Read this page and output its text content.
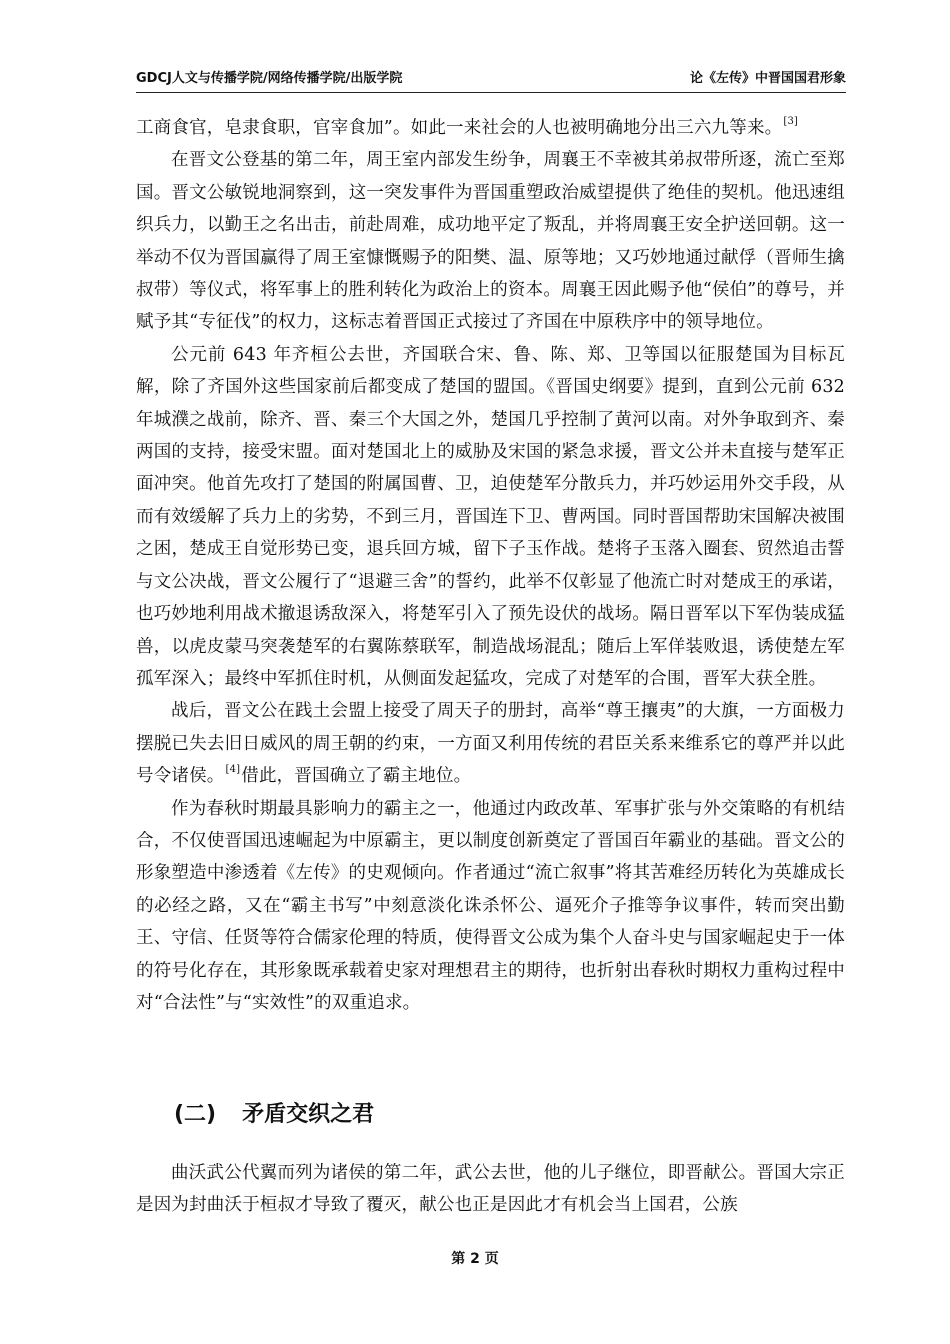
GDCJ人文与传播学院/网络传播学院/出版学院	论《左传》中晋国国君形象

工商食官，皂隶食职，官宰食加”。如此一来社会的人也被明确地分出三六九等来。[3]

在晋文公登基的第二年，周王室内部发生纷争，周襄王不幸被其弟叔带所逐，流亡至郑国。晋文公敏锐地洞察到，这一突发事件为晋国重塑政治威望提供了绝佳的契机。他迅速组织兵力，以勤王之名出击，前赴周难，成功地平定了叛乱，并将周襄王安全护送回朝。这一举动不仅为晋国赢得了周王室慷慨赐予的阳樊、温、原等地；又巧妙地通过献俘（晋师生擒叔带）等仪式，将军事上的胜利转化为政治上的资本。周襄王因此赐予他“侯伯”的尊号，并赋予其“专征伐”的权力，这标志着晋国正式接过了齐国在中原秩序中的领导地位。

公元前 643 年齐桓公去世，齐国联合宋、鲁、陈、郑、卫等国以征服楚国为目标瓦解，除了齐国外这些国家前后都变成了楚国的盟国。《晋国史纲要》提到，直到公元前 632 年城濮之战前，除齐、晋、秦三个大国之外，楚国几乎控制了黄河以南。对外争取到齐、秦两国的支持，接受宋盟。面对楚国北上的威胁及宋国的紧急求援，晋文公并未直接与楚军正面冲突。他首先攻打了楚国的附属国曹、卫，迫使楚军分散兵力，并巧妙运用外交手段，从而有效缓解了兵力上的劣势，不到三月，晋国连下卫、曹两国。同时晋国帮助宋国解决被围之困，楚成王自觉形势已变，退兵回方城，留下子玉作战。楚将子玉落入圈套、贸然追击誓与文公决战，晋文公履行了“退避三舍”的誓约，此举不仅彰显了他流亡时对楚成王的承诺，也巧妙地利用战术撤退诱敌深入，将楚军引入了预先设伏的战场。隔日晋军以下军伪装成猛兽，以虎皮蒙马突袭楚军的右翼陈蔡联军，制造战场混乱；随后上军佯装败退，诱使楚左军孤军深入；最终中军抓住时机，从侧面发起猛攻，完成了对楚军的合围，晋军大获全胜。

战后，晋文公在践土会盟上接受了周天子的册封，高举“尊王攘夷”的大旗，一方面极力摆脱已失去旧日威风的周王朝的约束，一方面又利用传统的君臣关系来维系它的尊严并以此号令诸侯。[4]借此，晋国确立了霸主地位。

作为春秋时期最具影响力的霸主之一，他通过内政改革、军事扩张与外交策略的有机结合，不仅使晋国迅速崛起为中原霸主，更以制度创新奠定了晋国百年霸业的基础。晋文公的形象塑造中渗透着《左传》的史观倾向。作者通过“流亡叙事”将其苦难经历转化为英雄成长的必经之路，又在“霸主书写”中刻意淡化诛杀怀公、逼死介子推等争议事件，转而突出勤王、守信、任贤等符合儒家伦理的特质，使得晋文公成为集个人奋斗史与国家崛起史于一体的符号化存在，其形象既承载着史家对理想君主的期待，也折射出春秋时期权力重构过程中对“合法性”与“实效性”的双重追求。

(二) 矛盾交织之君

曲沃武公代翼而列为诸侯的第二年，武公去世，他的儿子继位，即晋献公。晋国大宗正是因为封曲沃于桓叔才导致了覆灭，献公也正是因此才有机会当上国君，公族

第 2 页
